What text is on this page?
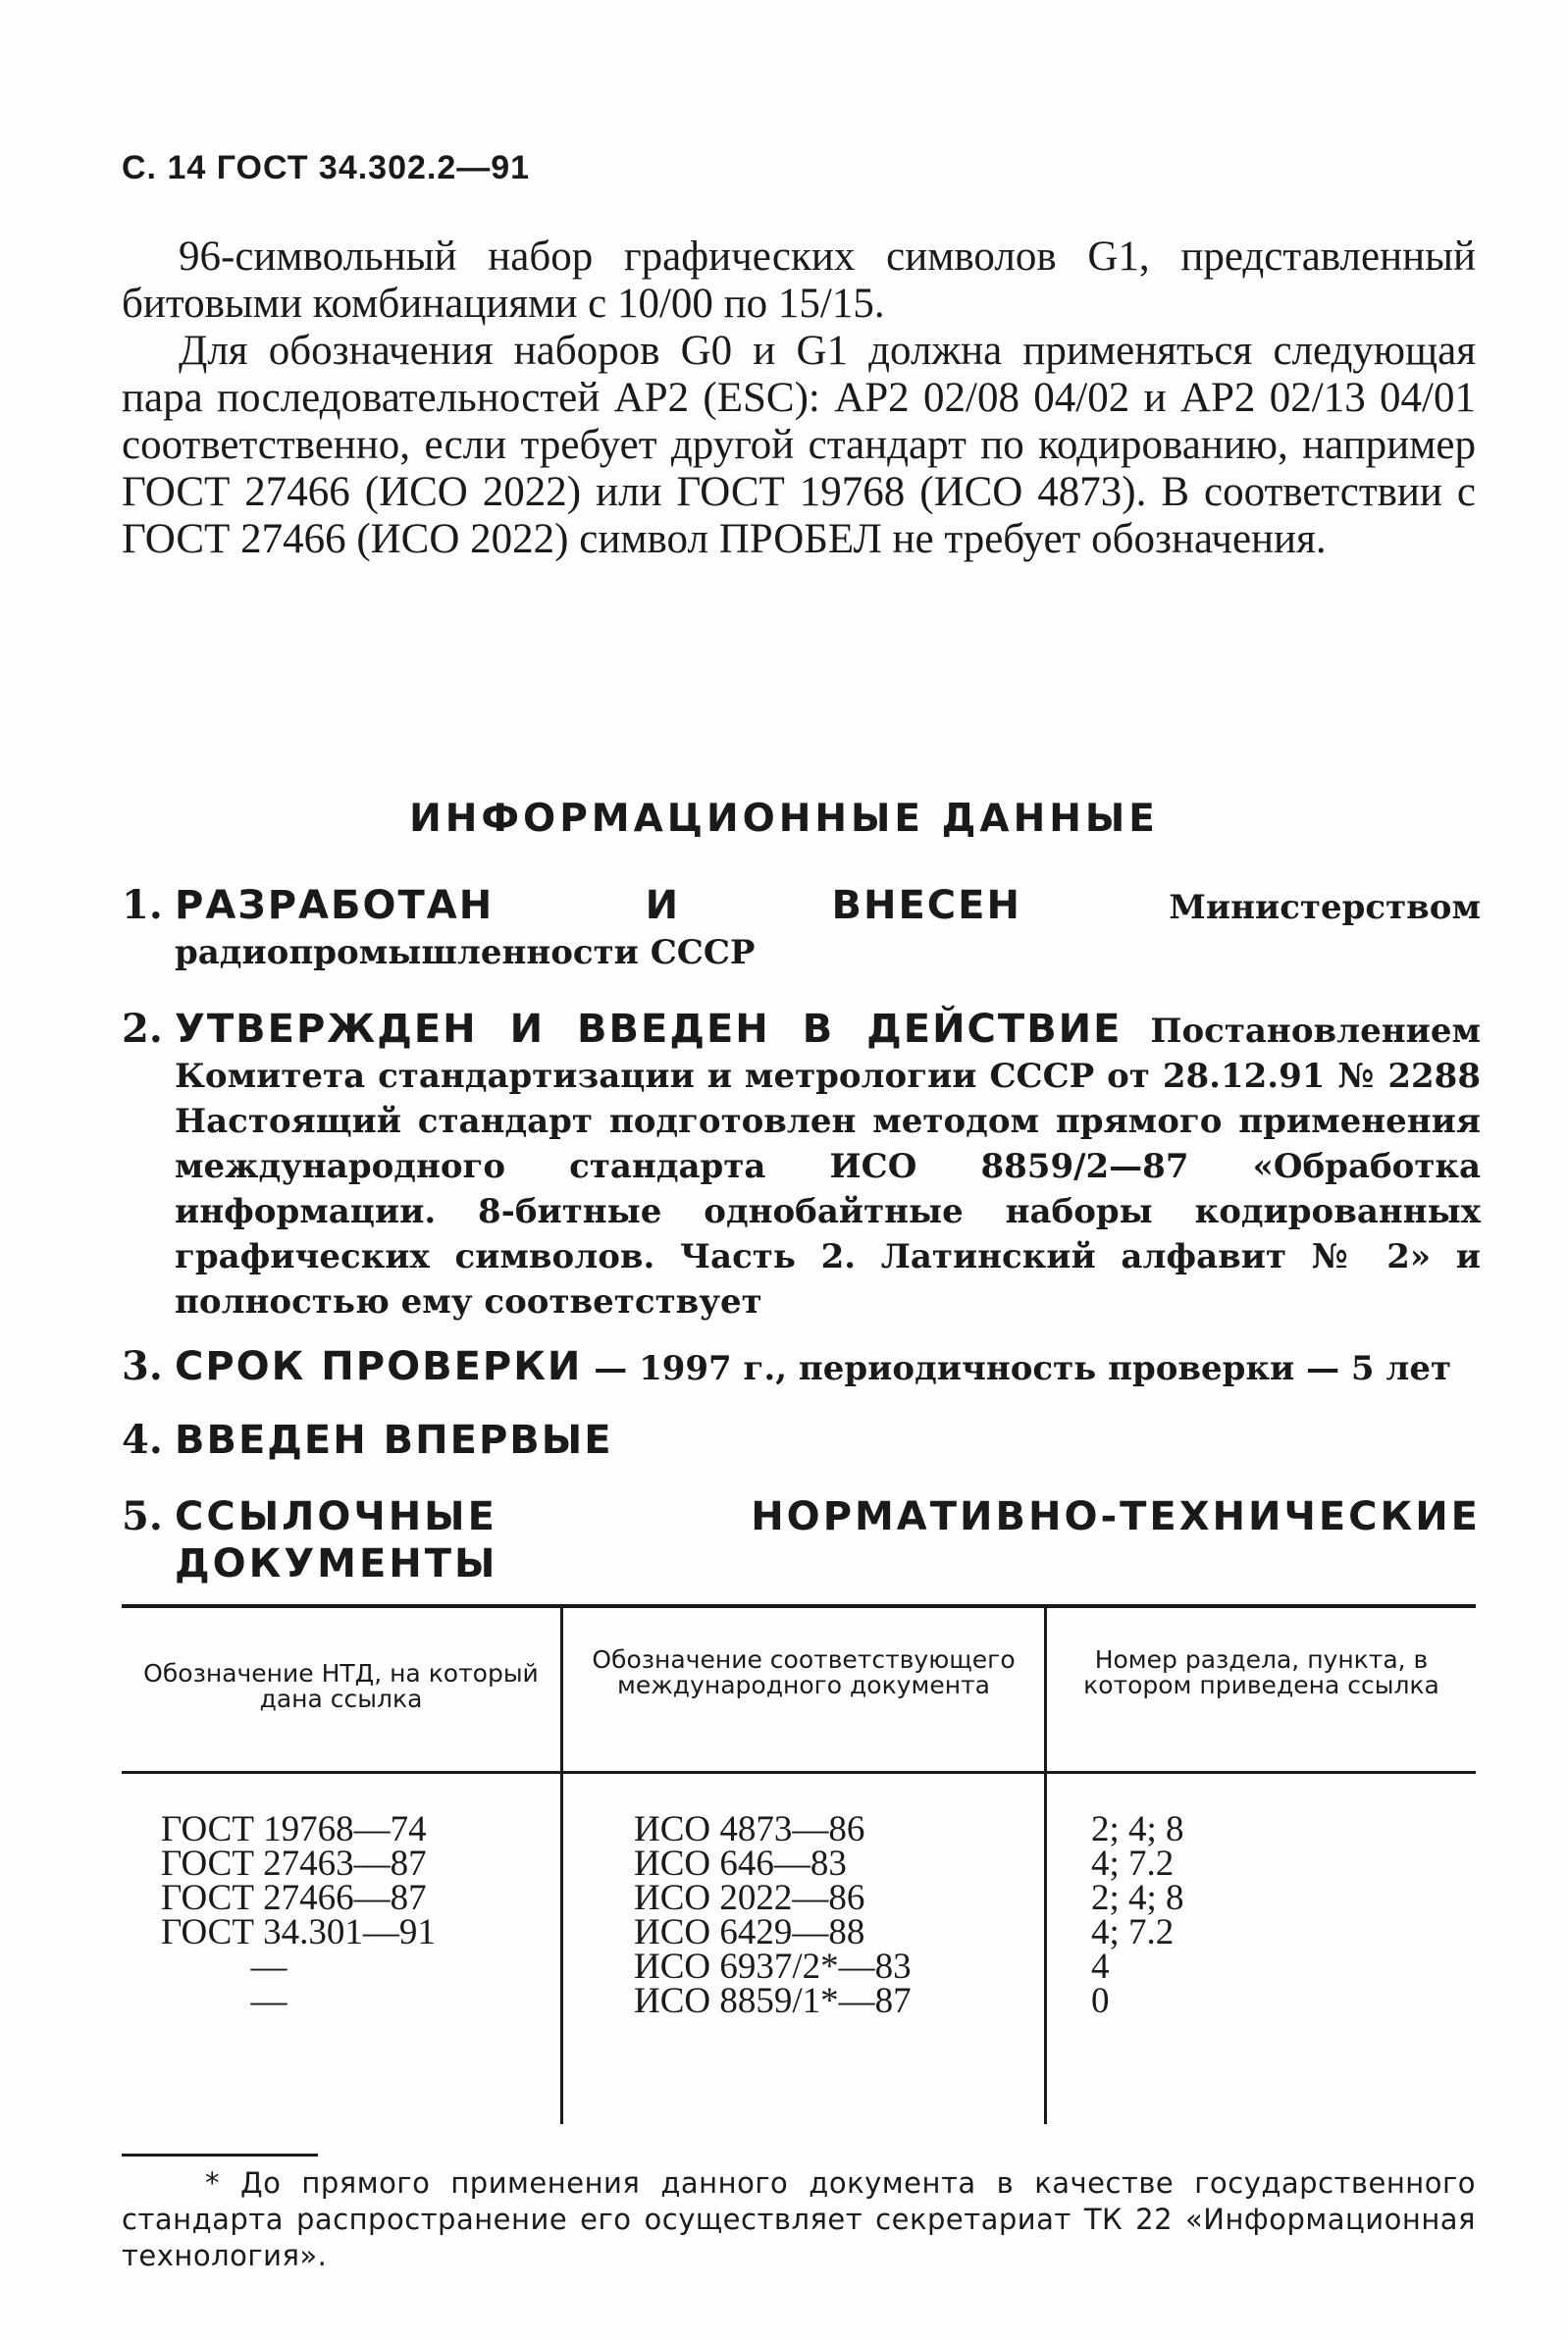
С. 14 ГОСТ 34.302.2—91

96-символьный набор графических символов G1, представленный битовыми комбинациями с 10/00 по 15/15.

Для обозначения наборов G0 и G1 должна применяться следующая пара последовательностей АР2 (ESC): АР2 02/08 04/02 и АР2 02/13 04/01 соответственно, если требует другой стандарт по кодированию, например ГОСТ 27466 (ИСО 2022) или ГОСТ 19768 (ИСО 4873). В соответствии с ГОСТ 27466 (ИСО 2022) символ ПРОБЕЛ не требует обозначения.

ИНФОРМАЦИОННЫЕ ДАННЫЕ
1. РАЗРАБОТАН И ВНЕСЕН Министерством радиопромышленности СССР
2. УТВЕРЖДЕН И ВВЕДЕН В ДЕЙСТВИЕ Постановлением Комитета стандартизации и метрологии СССР от 28.12.91 № 2288 Настоящий стандарт подготовлен методом прямого применения международного стандарта ИСО 8859/2—87 «Обработка информации. 8-битные однобайтные наборы кодированных графических символов. Часть 2. Латинский алфавит № 2» и полностью ему соответствует
3. СРОК ПРОВЕРКИ — 1997 г., периодичность проверки — 5 лет
4. ВВЕДЕН ВПЕРВЫЕ
5. ССЫЛОЧНЫЕ НОРМАТИВНО-ТЕХНИЧЕСКИЕ ДОКУМЕНТЫ
Обозначение НТД, на который дана ссылка
Обозначение соответствующего международного документа
Номер раздела, пункта, в котором приведена ссылка
ГОСТ 19768—74
ГОСТ 27463—87
ГОСТ 27466—87
ГОСТ 34.301—91
—
—
ИСО 4873—86
ИСО 646—83
ИСО 2022—86
ИСО 6429—88
ИСО 6937/2*—83
ИСО 8859/1*—87
2; 4; 8
4; 7.2
2; 4; 8
4; 7.2
4
0

* До прямого применения данного документа в качестве государственного стандарта распространение его осуществляет секретариат ТК 22 «Информационная технология».
